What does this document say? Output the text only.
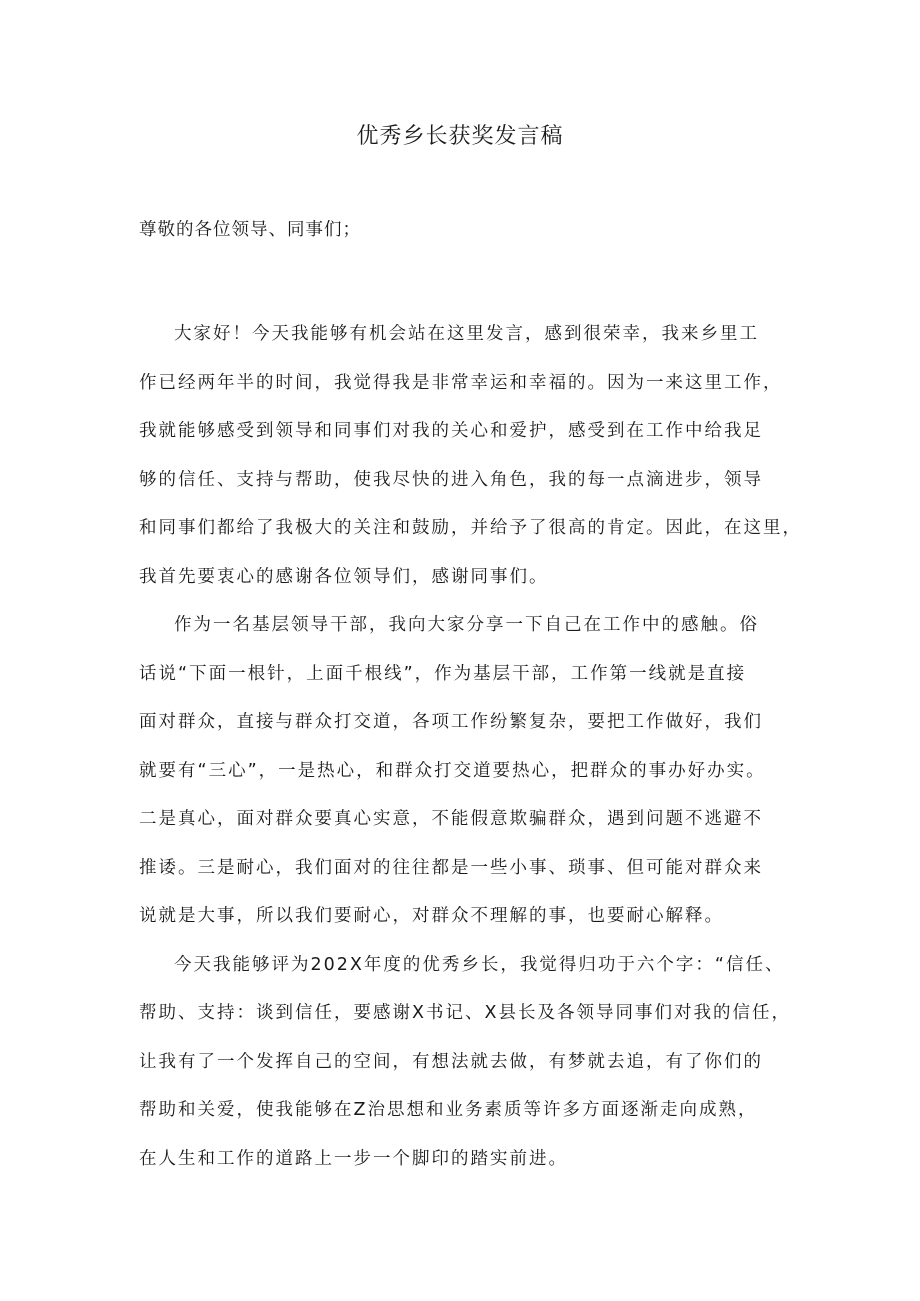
优秀乡长获奖发言稿

尊敬的各位领导、同事们；

大家好！今天我能够有机会站在这里发言，感到很荣幸，我来乡里工
作已经两年半的时间，我觉得我是非常幸运和幸福的。因为一来这里工作，
我就能够感受到领导和同事们对我的关心和爱护，感受到在工作中给我足
够的信任、支持与帮助，使我尽快的进入角色，我的每一点滴进步，领导
和同事们都给了我极大的关注和鼓励，并给予了很高的肯定。因此，在这里，
我首先要衷心的感谢各位领导们，感谢同事们。

作为一名基层领导干部，我向大家分享一下自己在工作中的感触。俗
话说“下面一根针，上面千根线”，作为基层干部，工作第一线就是直接
面对群众，直接与群众打交道，各项工作纷繁复杂，要把工作做好，我们
就要有“三心”，一是热心，和群众打交道要热心，把群众的事办好办实。
二是真心，面对群众要真心实意，不能假意欺骗群众，遇到问题不逃避不
推诿。三是耐心，我们面对的往往都是一些小事、琐事、但可能对群众来
说就是大事，所以我们要耐心，对群众不理解的事，也要耐心解释。

今天我能够评为202X年度的优秀乡长，我觉得归功于六个字：“信任、
帮助、支持：谈到信任，要感谢X书记、X县长及各领导同事们对我的信任，
让我有了一个发挥自己的空间，有想法就去做，有梦就去追，有了你们的
帮助和关爱，使我能够在Z治思想和业务素质等许多方面逐渐走向成熟，
在人生和工作的道路上一步一个脚印的踏实前进。
